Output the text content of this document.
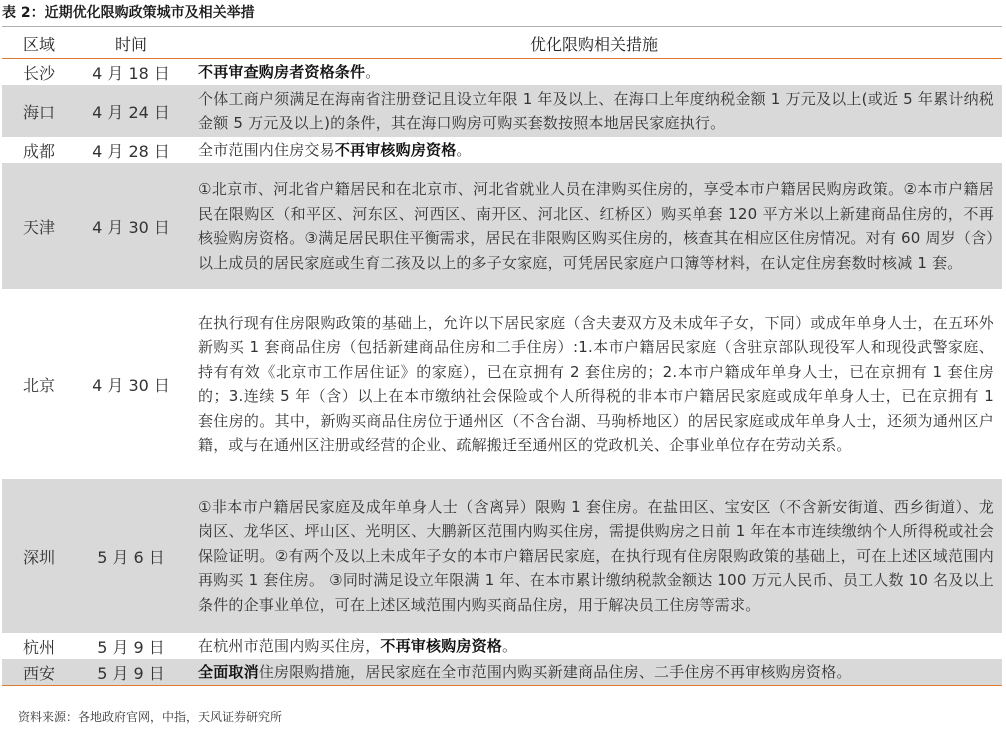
表 2：近期优化限购政策城市及相关举措
区域	时间	优化限购相关措施
长沙	4 月 18 日	不再审查购房者资格条件。
海口	4 月 24 日	个体工商户须满足在海南省注册登记且设立年限 1 年及以上、在海口上年度纳税金额 1 万元及以上(或近 5 年累计纳税金额 5 万元及以上)的条件，其在海口购房可购买套数按照本地居民家庭执行。
成都	4 月 28 日	全市范围内住房交易不再审核购房资格。
天津	4 月 30 日	①北京市、河北省户籍居民和在北京市、河北省就业人员在津购买住房的，享受本市户籍居民购房政策。②本市户籍居民在限购区（和平区、河东区、河西区、南开区、河北区、红桥区）购买单套 120 平方米以上新建商品住房的，不再核验购房资格。③满足居民职住平衡需求，居民在非限购区购买住房的，核查其在相应区住房情况。对有 60 周岁（含）以上成员的居民家庭或生育二孩及以上的多子女家庭，可凭居民家庭户口簿等材料，在认定住房套数时核减 1 套。
北京	4 月 30 日	在执行现有住房限购政策的基础上，允许以下居民家庭（含夫妻双方及未成年子女，下同）或成年单身人士，在五环外新购买 1 套商品住房（包括新建商品住房和二手住房）:1.本市户籍居民家庭（含驻京部队现役军人和现役武警家庭、持有有效《北京市工作居住证》的家庭），已在京拥有 2 套住房的；2.本市户籍成年单身人士，已在京拥有 1 套住房的；3.连续 5 年（含）以上在本市缴纳社会保险或个人所得税的非本市户籍居民家庭或成年单身人士，已在京拥有 1 套住房的。其中，新购买商品住房位于通州区（不含台湖、马驹桥地区）的居民家庭或成年单身人士，还须为通州区户籍，或与在通州区注册或经营的企业、疏解搬迁至通州区的党政机关、企事业单位存在劳动关系。
深圳	5 月 6 日	①非本市户籍居民家庭及成年单身人士（含离异）限购 1 套住房。在盐田区、宝安区（不含新安街道、西乡街道）、龙岗区、龙华区、坪山区、光明区、大鹏新区范围内购买住房，需提供购房之日前 1 年在本市连续缴纳个人所得税或社会保险证明。②有两个及以上未成年子女的本市户籍居民家庭，在执行现有住房限购政策的基础上，可在上述区域范围内再购买 1 套住房。 ③同时满足设立年限满 1 年、在本市累计缴纳税款金额达 100 万元人民币、员工人数 10 名及以上条件的企事业单位，可在上述区域范围内购买商品住房，用于解决员工住房等需求。
杭州	5 月 9 日	在杭州市范围内购买住房，不再审核购房资格。
西安	5 月 9 日	全面取消住房限购措施，居民家庭在全市范围内购买新建商品住房、二手住房不再审核购房资格。
资料来源：各地政府官网，中指，天风证券研究所
